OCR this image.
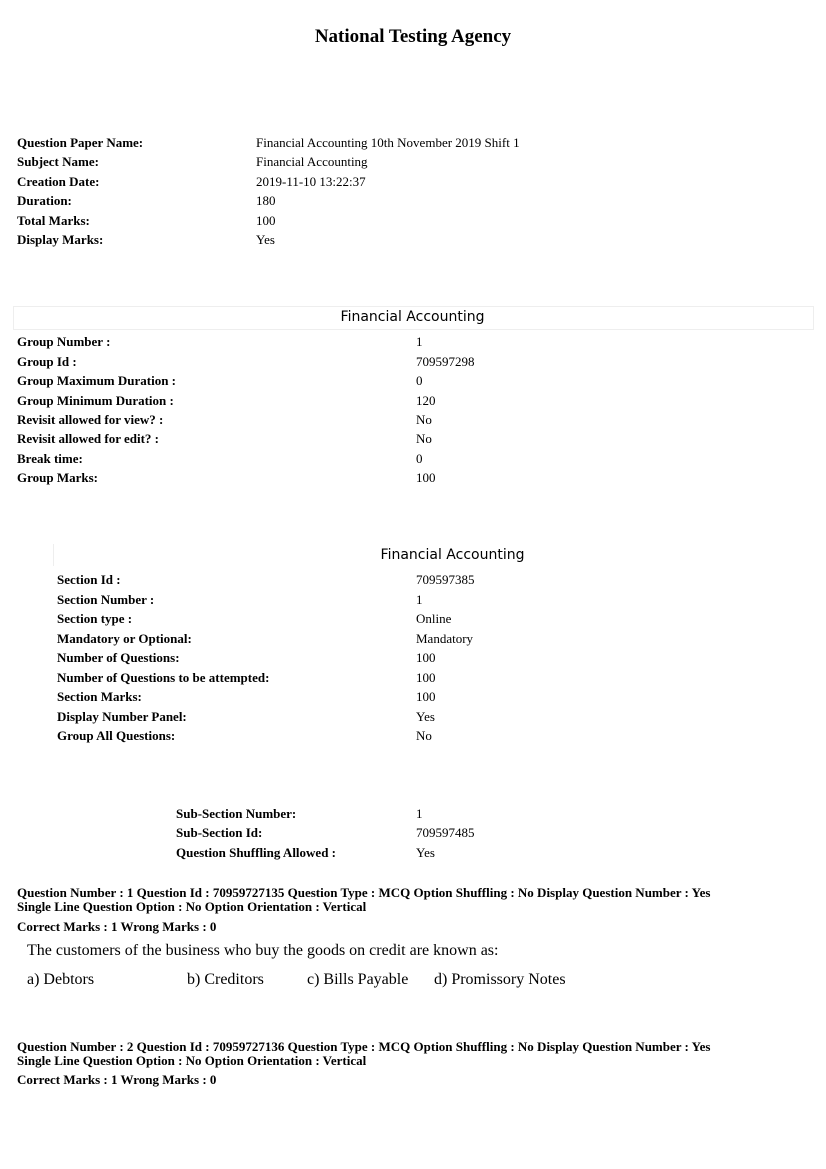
National Testing Agency
Question Paper Name:	Financial Accounting 10th November 2019 Shift 1
Subject Name:	Financial Accounting
Creation Date:	2019-11-10 13:22:37
Duration:	180
Total Marks:	100
Display Marks:	Yes
Financial Accounting
Group Number :	1
Group Id :	709597298
Group Maximum Duration :	0
Group Minimum Duration :	120
Revisit allowed for view? :	No
Revisit allowed for edit? :	No
Break time:	0
Group Marks:	100
Financial Accounting
Section Id :	709597385
Section Number :	1
Section type :	Online
Mandatory or Optional:	Mandatory
Number of Questions:	100
Number of Questions to be attempted:	100
Section Marks:	100
Display Number Panel:	Yes
Group All Questions:	No
Sub-Section Number:	1
Sub-Section Id:	709597485
Question Shuffling Allowed :	Yes
Question Number : 1 Question Id : 70959727135 Question Type : MCQ Option Shuffling : No Display Question Number : Yes
Single Line Question Option : No Option Orientation : Vertical
Correct Marks : 1 Wrong Marks : 0
The customers of the business who buy the goods on credit are known as:
a) Debtors	b) Creditors	c) Bills Payable d) Promissory Notes
Question Number : 2 Question Id : 70959727136 Question Type : MCQ Option Shuffling : No Display Question Number : Yes
Single Line Question Option : No Option Orientation : Vertical
Correct Marks : 1 Wrong Marks : 0
